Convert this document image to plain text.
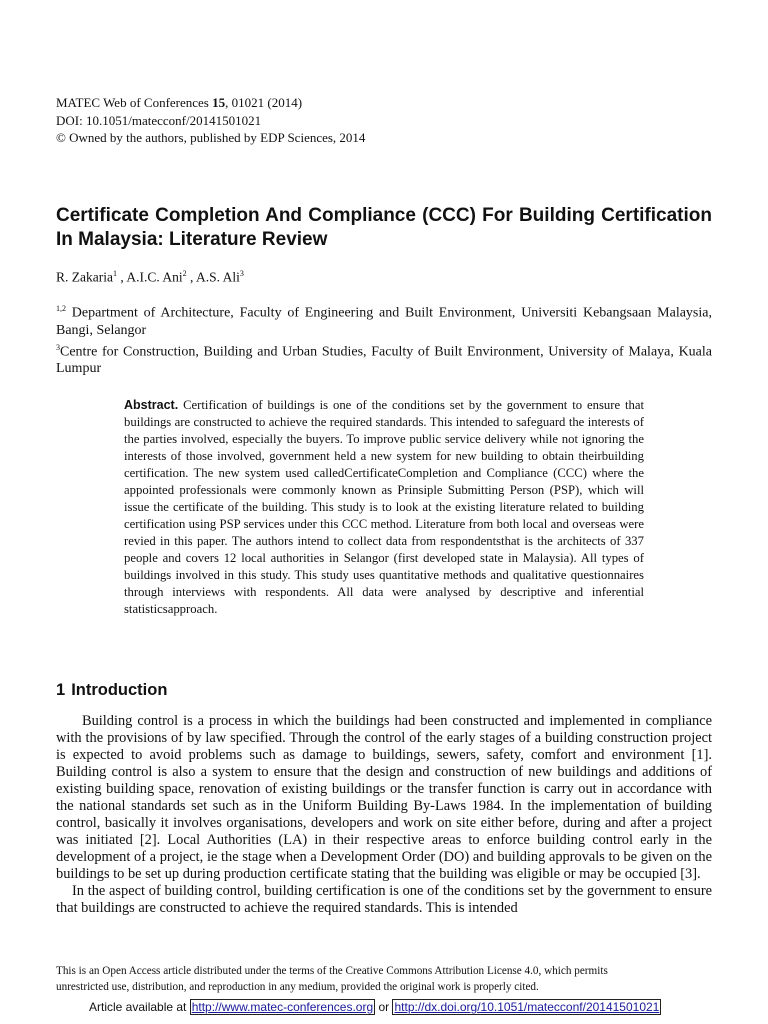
MATEC Web of Conferences 15, 01021 (2014)
DOI: 10.1051/matecconf/20141501021
© Owned by the authors, published by EDP Sciences, 2014
Certificate Completion And Compliance (CCC) For Building Certification In Malaysia: Literature Review
R. Zakaria$^1$ , A.I.C. Ani$^2$ , A.S. Ali$^3$
$^{1,2}$ Department of Architecture, Faculty of Engineering and Built Environment, Universiti Kebangsaan Malaysia, Bangi, Selangor
$^3$Centre for Construction, Building and Urban Studies, Faculty of Built Environment, University of Malaya, Kuala Lumpur
Abstract. Certification of buildings is one of the conditions set by the government to ensure that buildings are constructed to achieve the required standards. This intended to safeguard the interests of the parties involved, especially the buyers. To improve public service delivery while not ignoring the interests of those involved, government held a new system for new building to obtain theirbuilding certification. The new system used calledCertificateCompletion and Compliance (CCC) where the appointed professionals were commonly known as Prinsiple Submitting Person (PSP), which will issue the certificate of the building. This study is to look at the existing literature related to building certification using PSP services under this CCC method. Literature from both local and overseas were revied in this paper. The authors intend to collect data from respondentsthat is the architects of 337 people and covers 12 local authorities in Selangor (first developed state in Malaysia). All types of buildings involved in this study. This study uses quantitative methods and qualitative questionnaires through interviews with respondents. All data were analysed by descriptive and inferential statisticsapproach.
1 Introduction

Building control is a process in which the buildings had been constructed and implemented in compliance with the provisions of by law specified. Through the control of the early stages of a building construction project is expected to avoid problems such as damage to buildings, sewers, safety, comfort and environment [1]. Building control is also a system to ensure that the design and construction of new buildings and additions of existing building space, renovation of existing buildings or the transfer function is carry out in accordance with the national standards set such as in the Uniform Building By-Laws 1984. In the implementation of building control, basically it involves organisations, developers and work on site either before, during and after a project was initiated [2]. Local Authorities (LA) in their respective areas to enforce building control early in the development of a project, ie the stage when a Development Order (DO) and building approvals to be given on the buildings to be set up during production certificate stating that the building was eligible or may be occupied [3].

In the aspect of building control, building certification is one of the conditions set by the government to ensure that buildings are constructed to achieve the required standards. This is intended

This is an Open Access article distributed under the terms of the Creative Commons Attribution License 4.0, which permits
unrestricted use, distribution, and reproduction in any medium, provided the original work is properly cited.
Article available at http://www.matec-conferences.org or http://dx.doi.org/10.1051/matecconf/20141501021
